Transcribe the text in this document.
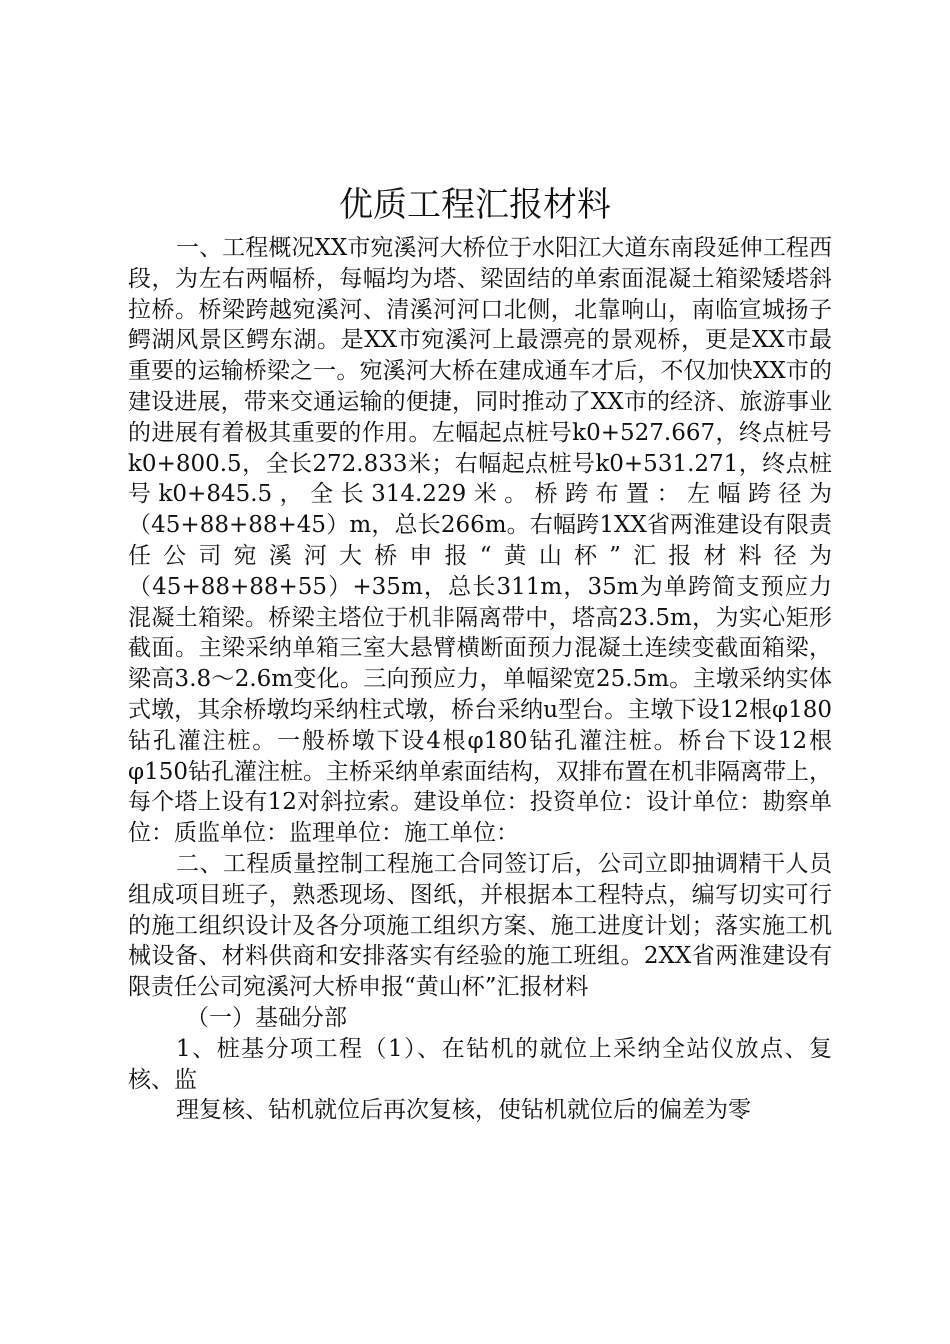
优质工程汇报材料

一、工程概况XX市宛溪河大桥位于水阳江大道东南段延伸工程西段，为左右两幅桥，每幅均为塔、梁固结的单索面混凝土箱梁矮塔斜拉桥。桥梁跨越宛溪河、清溪河河口北侧，北靠响山，南临宣城扬子鳄湖风景区鳄东湖。是XX市宛溪河上最漂亮的景观桥，更是XX市最重要的运输桥梁之一。宛溪河大桥在建成通车才后，不仅加快XX市的建设进展，带来交通运输的便捷，同时推动了XX市的经济、旅游事业的进展有着极其重要的作用。左幅起点桩号k0+527.667，终点桩号k0+800.5，全长272.833米；右幅起点桩号k0+531.271，终点桩号k0+845.5，全长314.229米。桥跨布置：左幅跨径为（45+88+88+45）m，总长266m。右幅跨1XX省两淮建设有限责任公司宛溪河大桥申报“黄山杯”汇报材料径为（45+88+88+55）+35m，总长311m，35m为单跨简支预应力混凝土箱梁。桥梁主塔位于机非隔离带中，塔高23.5m，为实心矩形截面。主梁采纳单箱三室大悬臂横断面预力混凝土连续变截面箱梁，梁高3.8～2.6m变化。三向预应力，单幅梁宽25.5m。主墩采纳实体式墩，其余桥墩均采纳柱式墩，桥台采纳u型台。主墩下设12根φ180钻孔灌注桩。一般桥墩下设4根φ180钻孔灌注桩。桥台下设12根φ150钻孔灌注桩。主桥采纳单索面结构，双排布置在机非隔离带上，每个塔上设有12对斜拉索。建设单位：投资单位：设计单位：勘察单位：质监单位：监理单位：施工单位：

二、工程质量控制工程施工合同签订后，公司立即抽调精干人员组成项目班子，熟悉现场、图纸，并根据本工程特点，编写切实可行的施工组织设计及各分项施工组织方案、施工进度计划；落实施工机械设备、材料供商和安排落实有经验的施工班组。2XX省两淮建设有限责任公司宛溪河大桥申报“黄山杯”汇报材料

（一）基础分部

1、桩基分项工程（1）、在钻机的就位上采纳全站仪放点、复核、监

理复核、钻机就位后再次复核，使钻机就位后的偏差为零
